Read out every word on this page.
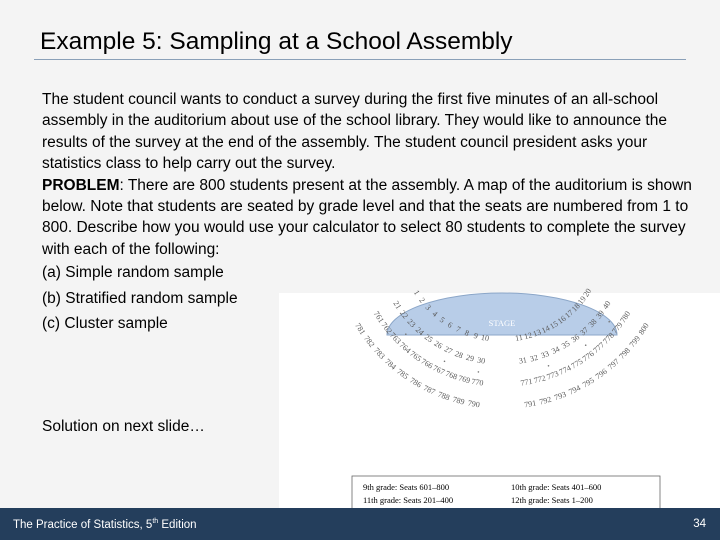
Example 5: Sampling at a School Assembly

The student council wants to conduct a survey during the first five minutes of an all-school assembly in the auditorium about use of the school library. They would like to announce the results of the survey at the end of the assembly. The student council president asks your statistics class to help carry out the survey.

PROBLEM: There are 800 students present at the assembly. A map of the auditorium is shown below. Note that students are seated by grade level and that the seats are numbered from 1 to 800. Describe how you would use your calculator to select 80 students to complete the survey with each of the following:

(a) Simple random sample

(b) Stratified random sample

(c) Cluster sample

Solution on next slide…
STAGE
1
2
3
4
5
6 7 8 9 10	11 12
13
14
15
16
17
18
19
20
21
22
23
24
25
26
27 28 29 30	31 32 33 34
35
36
37
38
39
40
761
762
763
764
765
766
767
768
769 770	771 772
773
774
775
776
777
778
779
780
781
782
783
784
785
786
787 788 789 790	791 792 793 794
795
796
797
798
799
800
9th grade: Seats 601–800	10th grade: Seats 401–600
11th grade: Seats 201–400	12th grade: Seats 1–200
The Practice of Statistics, 5th Edition	34
